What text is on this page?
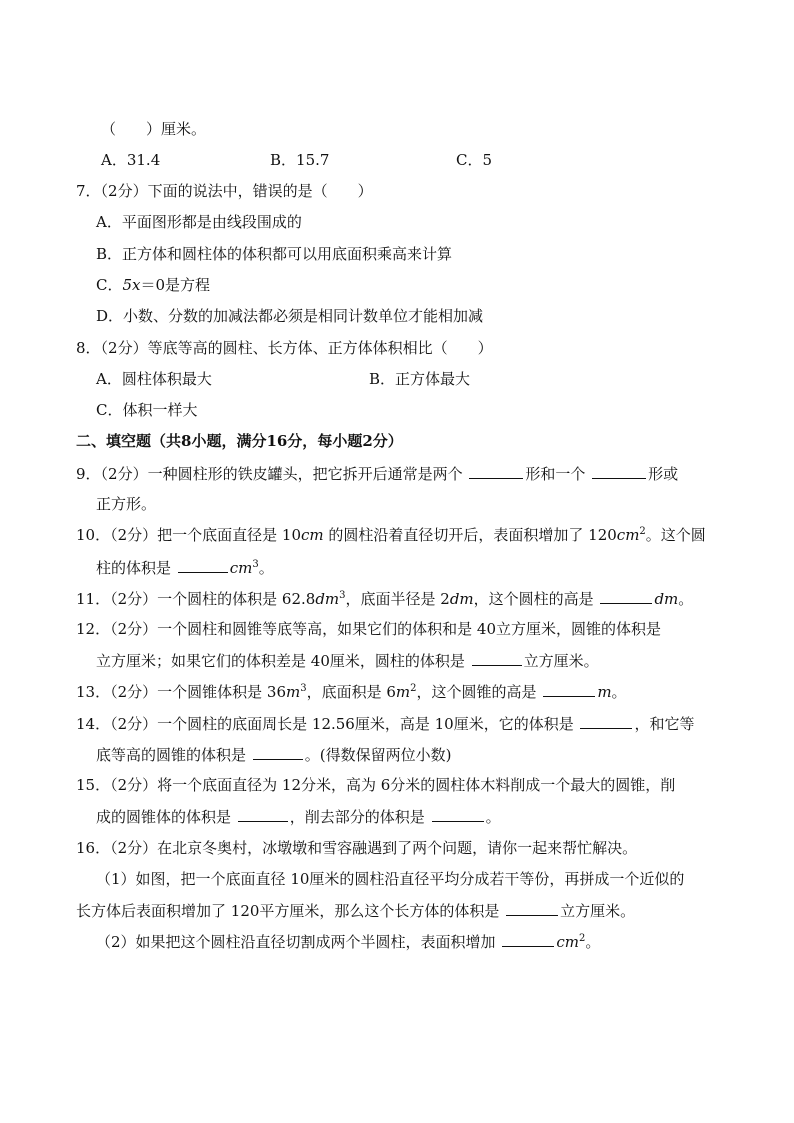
（　　）厘米。
A．31.4	B．15.7	C．5
7．（2分）下面的说法中，错误的是（　　）
A．平面图形都是由线段围成的
B．正方体和圆柱体的体积都可以用底面积乘高来计算
C．5x＝0是方程
D．小数、分数的加减法都必须是相同计数单位才能相加减
8．（2分）等底等高的圆柱、长方体、正方体体积相比（　　）
A．圆柱体积最大	B．正方体最大
C．体积一样大
二、填空题（共8小题，满分16分，每小题2分）
9．（2分）一种圆柱形的铁皮罐头，把它拆开后通常是两个	形和一个	形或
正方形。
10．（2分）把一个底面直径是 10cm 的圆柱沿着直径切开后，表面积增加了 $120cm^2$。这个圆
柱的体积是	$cm^3$。
11．（2分）一个圆柱的体积是 $62.8dm^3$，底面半径是 2dm，这个圆柱的高是	dm。
12．（2分）一个圆柱和圆锥等底等高，如果它们的体积和是 40立方厘米，圆锥的体积是
立方厘米；如果它们的体积差是 40厘米，圆柱的体积是	立方厘米。
13．（2分）一个圆锥体积是 $36m^3$，底面积是 $6m^2$，这个圆锥的高是	m。
14．（2分）一个圆柱的底面周长是 12.56厘米，高是 10厘米，它的体积是	，和它等
底等高的圆锥的体积是	。(得数保留两位小数)
15．（2分）将一个底面直径为 12分米，高为 6分米的圆柱体木料削成一个最大的圆锥，削
成的圆锥体的体积是	，削去部分的体积是	。
16．（2分）在北京冬奥村，冰墩墩和雪容融遇到了两个问题，请你一起来帮忙解决。
（1）如图，把一个底面直径 10厘米的圆柱沿直径平均分成若干等份，再拼成一个近似的
长方体后表面积增加了 120平方厘米，那么这个长方体的体积是	立方厘米。
（2）如果把这个圆柱沿直径切割成两个半圆柱，表面积增加	$cm^2$。
